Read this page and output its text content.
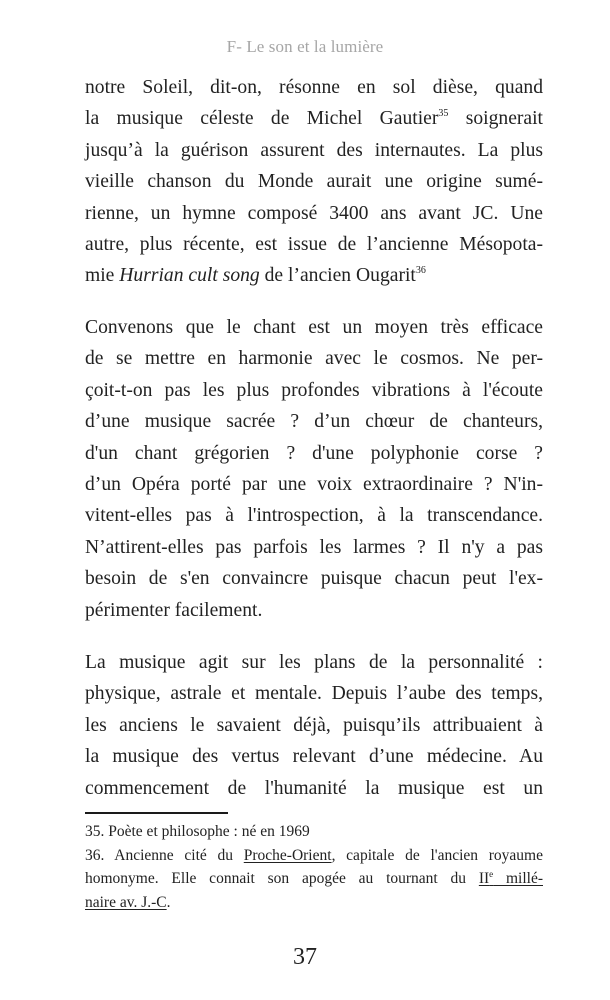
F- Le son et la lumière
notre Soleil, dit-on, résonne en sol dièse, quand
la musique céleste de Michel Gautier$^{35}$ soignerait
jusqu’à la guérison assurent des internautes. La plus
vieille chanson du Monde aurait une origine sumé-
rienne, un hymne composé 3400 ans avant JC. Une
autre, plus récente, est issue de l’ancienne Mésopota-
mie Hurrian cult song de l’ancien Ougarit$^{36}$
Convenons que le chant est un moyen très efficace
de se mettre en harmonie avec le cosmos. Ne per-
çoit-t-on pas les plus profondes vibrations à l'écoute
d’une musique sacrée ? d’un chœur de chanteurs,
d'un chant grégorien ? d'une polyphonie corse ?
d’un Opéra porté par une voix extraordinaire ? N'in-
vitent-elles pas à l'introspection, à la transcendance.
N’attirent-elles pas parfois les larmes ? Il n'y a pas
besoin de s'en convaincre puisque chacun peut l'ex-
périmenter facilement.
La musique agit sur les plans de la personnalité :
physique, astrale et mentale. Depuis l’aube des temps,
les anciens le savaient déjà, puisqu’ils attribuaient à
la musique des vertus relevant d’une médecine. Au
commencement de l'humanité la musique est un
35. Poète et philosophe : né en 1969
36. Ancienne cité du Proche-Orient, capitale de l'ancien royaume
homonyme. Elle connait son apogée au tournant du IIe millé-
naire av. J.-C.
37
